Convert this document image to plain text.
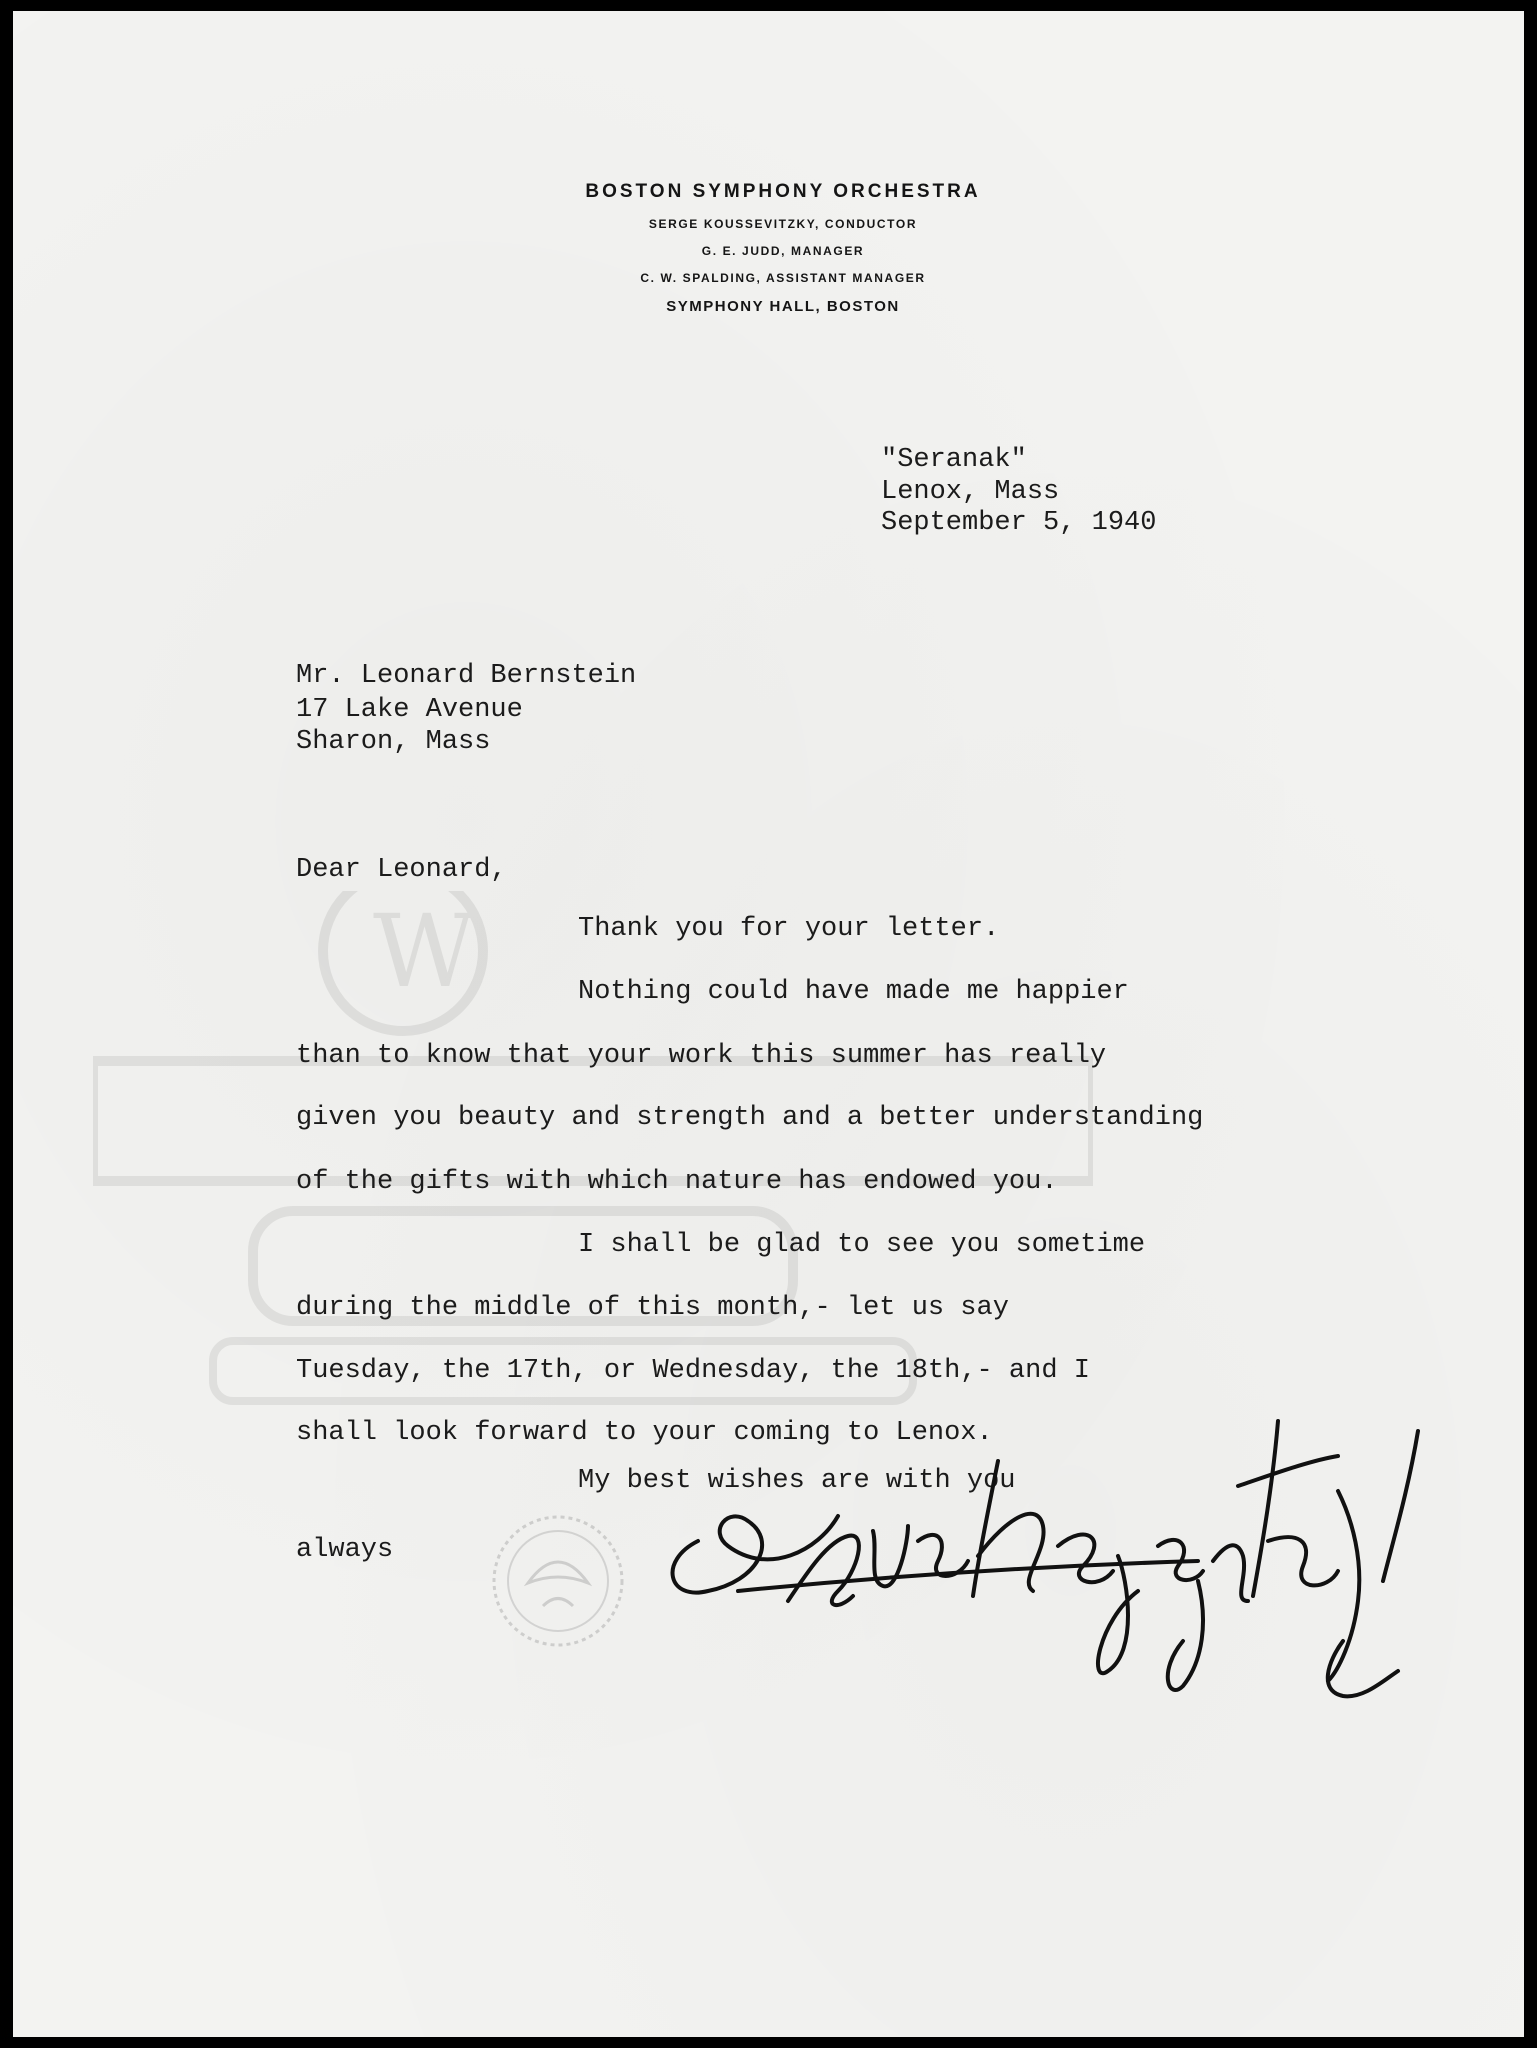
W
BOSTON SYMPHONY ORCHESTRA
SERGE KOUSSEVITZKY, CONDUCTOR
G. E. JUDD, MANAGER
C. W. SPALDING, ASSISTANT MANAGER
SYMPHONY HALL, BOSTON
"Seranak"
Lenox, Mass
September 5, 1940
Mr. Leonard Bernstein
17 Lake Avenue
Sharon, Mass
Dear Leonard,
Thank you for your letter.
Nothing could have made me happier
than to know that your work this summer has really
given you beauty and strength and a better understanding
of the gifts with which nature has endowed you.
I shall be glad to see you sometime
during the middle of this month,- let us say
Tuesday, the 17th, or Wednesday, the 18th,- and I
shall look forward to your coming to Lenox.
My best wishes are with you
always
